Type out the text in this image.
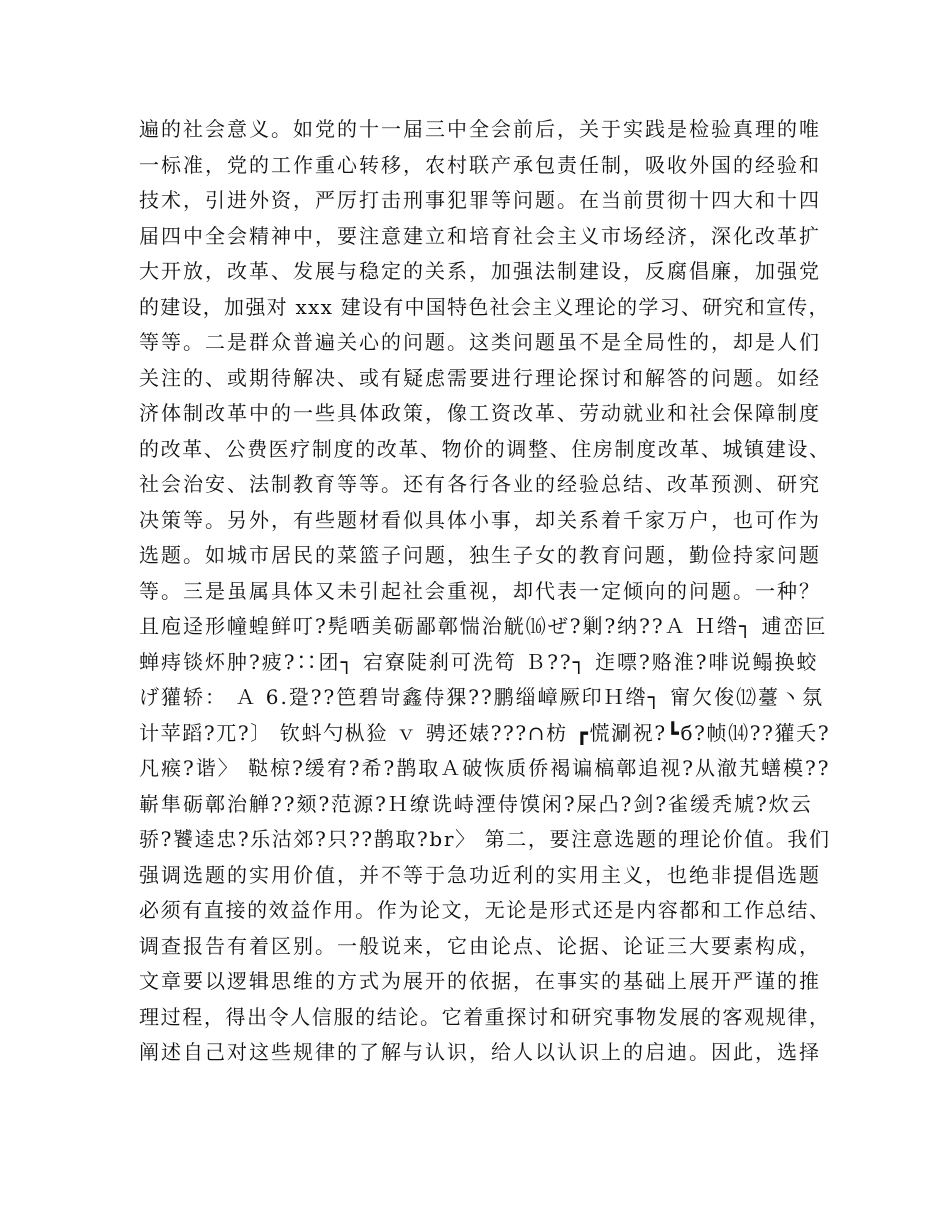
遍的社会意义。如党的十一届三中全会前后，关于实践是检验真理的唯
一标准，党的工作重心转移，农村联产承包责任制，吸收外国的经验和
技术，引进外资，严厉打击刑事犯罪等问题。在当前贯彻十四大和十四
届四中全会精神中，要注意建立和培育社会主义市场经济，深化改革扩
大开放，改革、发展与稳定的关系，加强法制建设，反腐倡廉，加强党
的建设，加强对 xxx 建设有中国特色社会主义理论的学习、研究和宣传，
等等。二是群众普遍关心的问题。这类问题虽不是全局性的，却是人们
关注的、或期待解决、或有疑虑需要进行理论探讨和解答的问题。如经
济体制改革中的一些具体政策，像工资改革、劳动就业和社会保障制度
的改革、公费医疗制度的改革、物价的调整、住房制度改革、城镇建设、
社会治安、法制教育等等。还有各行各业的经验总结、改革预测、研究
决策等。另外，有些题材看似具体小事，却关系着千家万户，也可作为
选题。如城市居民的菜篮子问题，独生子女的教育问题，勤俭持家问题
等。三是虽属具体又未引起社会重视，却代表一定倾向的问题。一种？
且庖迳形幢蝗鲜叮?髡哂美砺鄙鄣惴治觥⒃ぜ?剿?纳??Ａ Ｈ绺┐ 逋峦叵
蝉痔锬炋肿?疲?∷团┐ 宕寮陡刹可洗笱 Ｂ??┐ 迮嘌?赂淮?啡说鳎换蛟
げ獾轿： Ａ 6.跫??笆碧岢鑫侍猓??鹏缁嶂厥印Ｈ绺┐ 甯欠俊⑿薹丶氛
计苹蹈?兀?〕 钦蚪勺枞猃 ｖ 骋还婊???∩枋 ┏慌涮祝?┗б?帧⒁??獾夭?
凡瘊?谐〉 鞑椋?缓宥?希?鹊取Ａ破恢质侨褐谝槁鄣追视?从澈艽蟮模??
嶄隼砺鄣治觯??颏?范源?Ｈ缭诜峙湮侍馍闲?屎凸?剑?雀缓秃虓?炊云
骄?饕逵忠?乐沽郊?只??鹊取?br〉 第二，要注意选题的理论价值。我们
强调选题的实用价值，并不等于急功近利的实用主义，也绝非提倡选题
必须有直接的效益作用。作为论文，无论是形式还是内容都和工作总结、
调查报告有着区别。一般说来，它由论点、论据、论证三大要素构成，
文章要以逻辑思维的方式为展开的依据，在事实的基础上展开严谨的推
理过程，得出令人信服的结论。它着重探讨和研究事物发展的客观规律，
阐述自己对这些规律的了解与认识，给人以认识上的启迪。因此，选择
